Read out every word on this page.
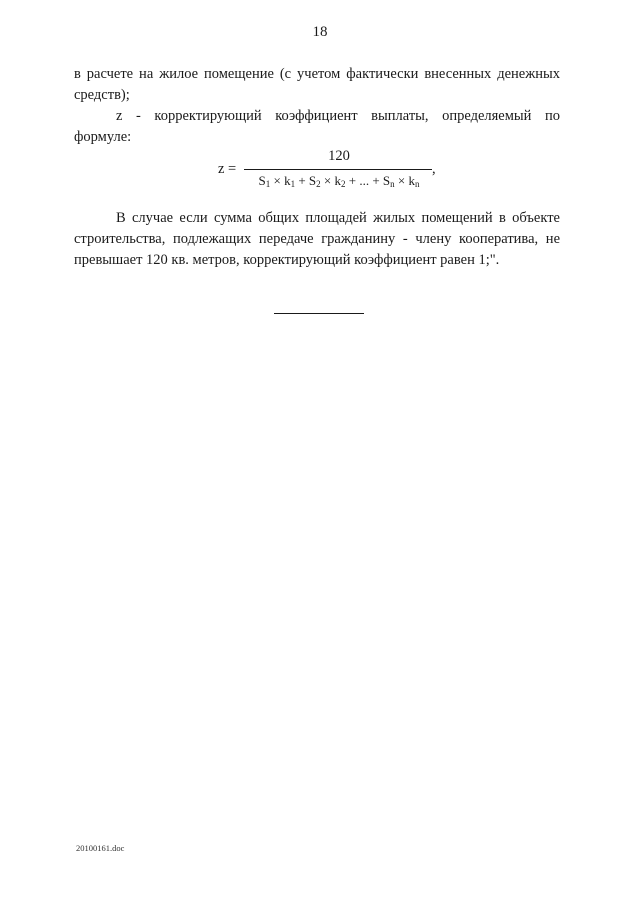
18
в расчете на жилое помещение (с учетом фактически внесенных денежных средств);
z - корректирующий коэффициент выплаты, определяемый по формуле:
z =
120
$S_1 \times k_1 + S_2 \times k_2$ + ... + $S_n \times k_n$
,
В случае если сумма общих площадей жилых помещений в объекте строительства, подлежащих передаче гражданину - члену кооператива, не превышает 120 кв. метров, корректирующий коэффициент равен 1;".
20100161.doc
